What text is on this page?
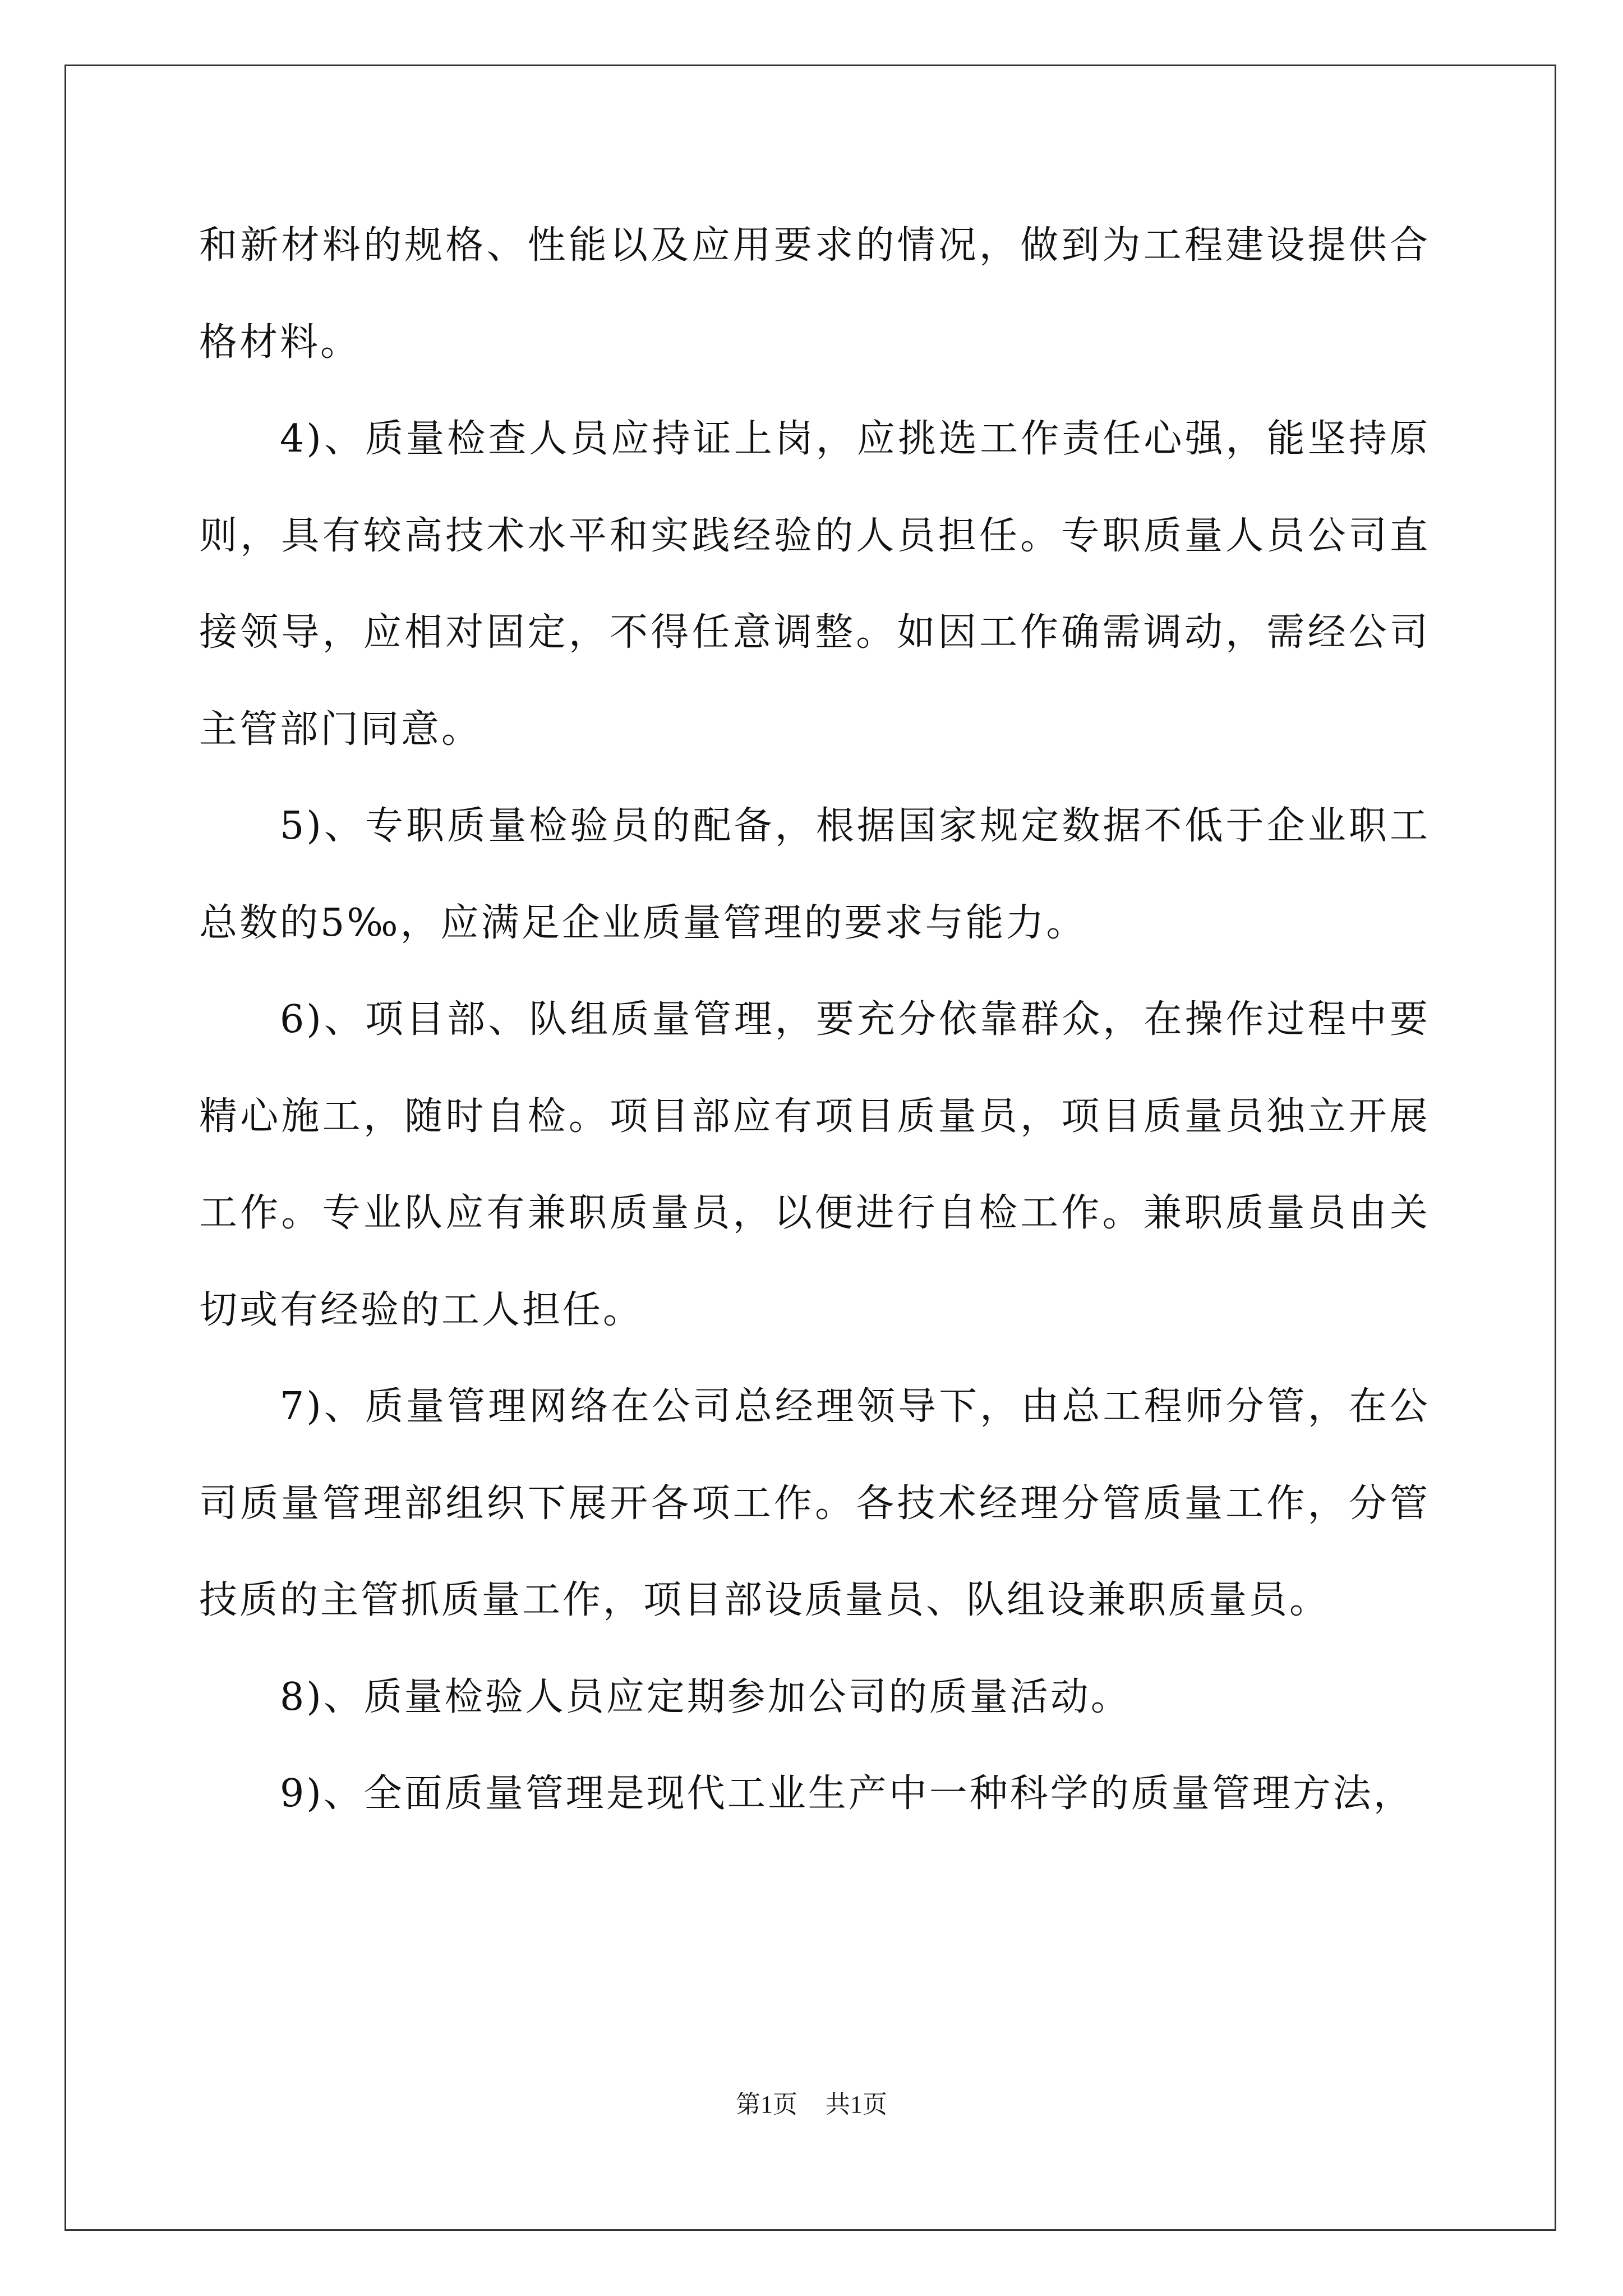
和新材料的规格、性能以及应用要求的情况，做到为工程建设提供合格材料。

4)、质量检查人员应持证上岗，应挑选工作责任心强，能坚持原则，具有较高技术水平和实践经验的人员担任。专职质量人员公司直接领导，应相对固定，不得任意调整。如因工作确需调动，需经公司主管部门同意。

5)、专职质量检验员的配备，根据国家规定数据不低于企业职工总数的5‰，应满足企业质量管理的要求与能力。

6)、项目部、队组质量管理，要充分依靠群众，在操作过程中要精心施工，随时自检。项目部应有项目质量员，项目质量员独立开展工作。专业队应有兼职质量员，以便进行自检工作。兼职质量员由关切或有经验的工人担任。

7)、质量管理网络在公司总经理领导下，由总工程师分管，在公司质量管理部组织下展开各项工作。各技术经理分管质量工作，分管技质的主管抓质量工作，项目部设质量员、队组设兼职质量员。

8)、质量检验人员应定期参加公司的质量活动。

9)、全面质量管理是现代工业生产中一种科学的质量管理方法，

第1页 共1页
